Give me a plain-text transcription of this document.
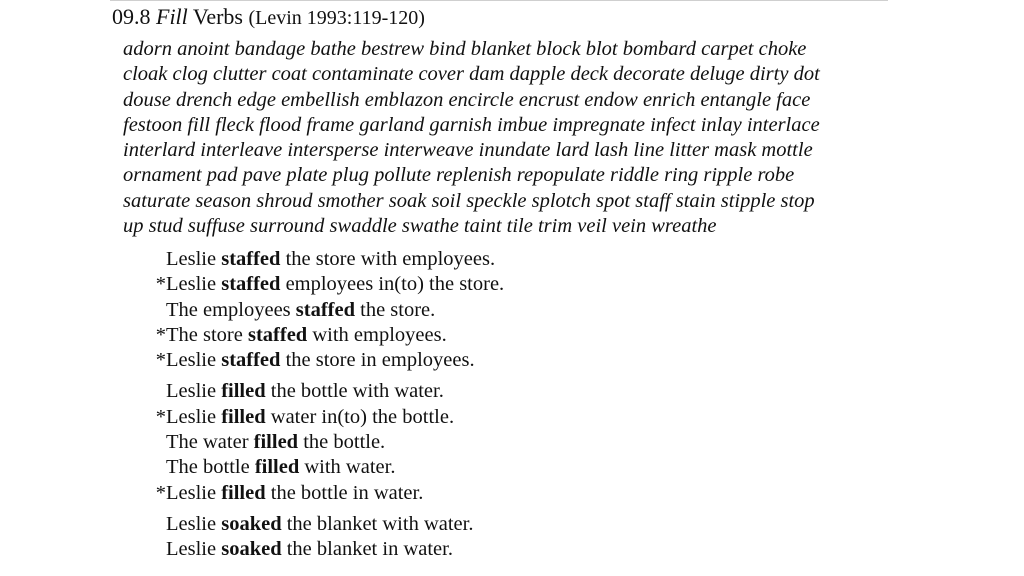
09.8 Fill Verbs (Levin 1993:119-120)

adorn anoint bandage bathe bestrew bind blanket block blot bombard carpet choke
cloak clog clutter coat contaminate cover dam dapple deck decorate deluge dirty dot
douse drench edge embellish emblazon encircle encrust endow enrich entangle face
festoon fill fleck flood frame garland garnish imbue impregnate infect inlay interlace
interlard interleave intersperse interweave inundate lard lash line litter mask mottle
ornament pad pave plate plug pollute replenish repopulate riddle ring ripple robe
saturate season shroud smother soak soil speckle splotch spot staff stain stipple stop
up stud suffuse surround swaddle swathe taint tile trim veil vein wreathe

Leslie staffed the store with employees.
*Leslie staffed employees in(to) the store.
The employees staffed the store.
*The store staffed with employees.
*Leslie staffed the store in employees.
Leslie filled the bottle with water.
*Leslie filled water in(to) the bottle.
The water filled the bottle.
The bottle filled with water.
*Leslie filled the bottle in water.
Leslie soaked the blanket with water.
Leslie soaked the blanket in water.
